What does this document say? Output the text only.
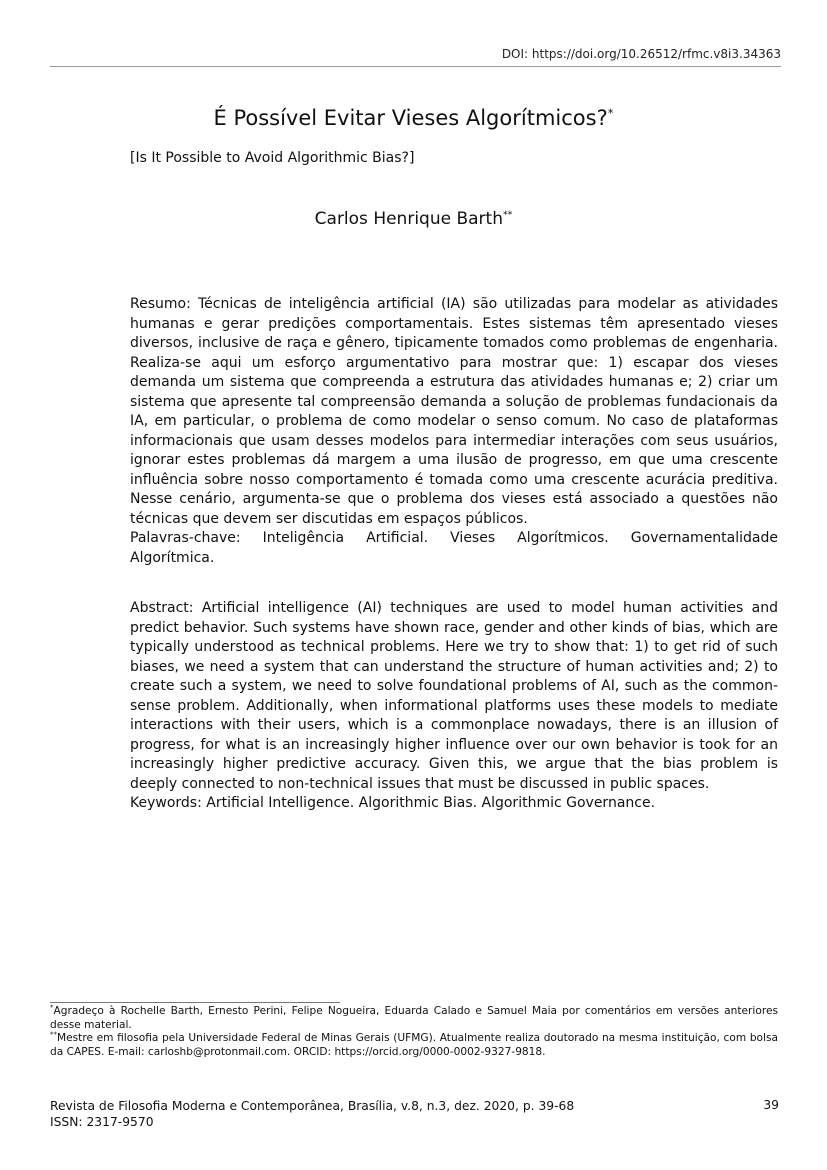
DOI: https://doi.org/10.26512/rfmc.v8i3.34363
É Possível Evitar Vieses Algorítmicos?*
[Is It Possible to Avoid Algorithmic Bias?]
Carlos Henrique Barth**

Resumo: Técnicas de inteligência artificial (IA) são utilizadas para modelar as atividades humanas e gerar predições comportamentais. Estes sistemas têm apresentado vieses diversos, inclusive de raça e gênero, tipicamente tomados como problemas de engenharia. Realiza-se aqui um esforço argumentativo para mostrar que: 1) escapar dos vieses demanda um sistema que compreenda a estrutura das atividades humanas e; 2) criar um sistema que apresente tal compreensão demanda a solução de problemas fundacionais da IA, em particular, o problema de como modelar o senso comum. No caso de plataformas informacionais que usam desses modelos para intermediar interações com seus usuários, ignorar estes problemas dá margem a uma ilusão de progresso, em que uma crescente influência sobre nosso comportamento é tomada como uma crescente acurácia preditiva. Nesse cenário, argumenta-se que o problema dos vieses está associado a questões não técnicas que devem ser discutidas em espaços públicos.

Palavras-chave: Inteligência Artificial. Vieses Algorítmicos. Governamentalidade Algorítmica.

Abstract: Artificial intelligence (AI) techniques are used to model human activities and predict behavior. Such systems have shown race, gender and other kinds of bias, which are typically understood as technical problems. Here we try to show that: 1) to get rid of such biases, we need a system that can understand the structure of human activities and; 2) to create such a system, we need to solve foundational problems of AI, such as the common-sense problem. Additionally, when informational platforms uses these models to mediate interactions with their users, which is a commonplace nowadays, there is an illusion of progress, for what is an increasingly higher influence over our own behavior is took for an increasingly higher predictive accuracy. Given this, we argue that the bias problem is deeply connected to non-technical issues that must be discussed in public spaces.

Keywords: Artificial Intelligence. Algorithmic Bias. Algorithmic Governance.

*Agradeço à Rochelle Barth, Ernesto Perini, Felipe Nogueira, Eduarda Calado e Samuel Maia por comentários em versões anteriores desse material.

**Mestre em filosofia pela Universidade Federal de Minas Gerais (UFMG). Atualmente realiza doutorado na mesma instituição, com bolsa da CAPES. E-mail: carloshb@protonmail.com. ORCID: https://orcid.org/0000-0002-9327-9818.

Revista de Filosofia Moderna e Contemporânea, Brasília, v.8, n.3, dez. 2020, p. 39-68
ISSN: 2317-9570
39
